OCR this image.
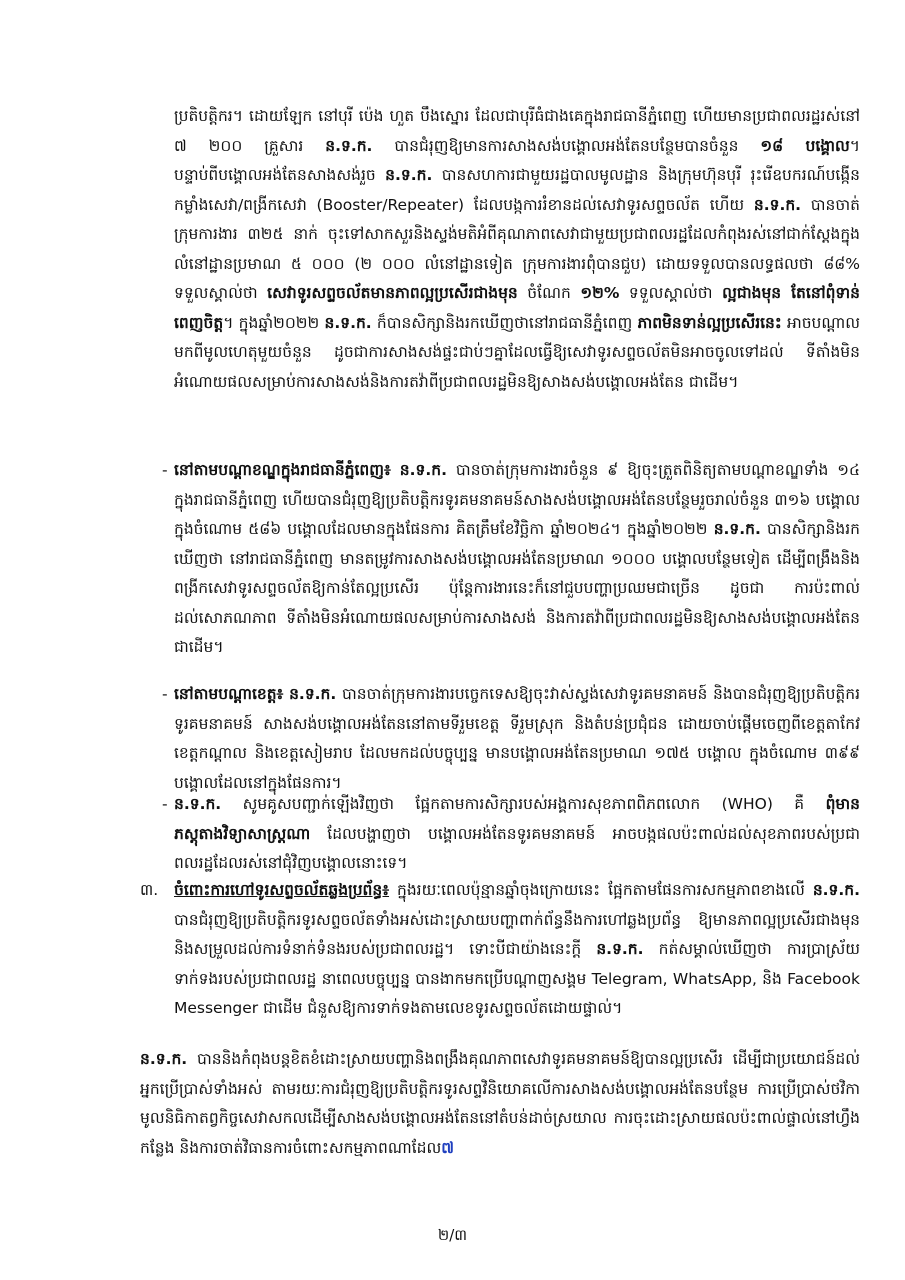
ប្រតិបត្តិករ។ ដោយឡែក នៅបុរី ប៉េង ហួត បឹងស្នោរ ដែលជាបុរីធំជាងគេក្នុងរាជធានីភ្នំពេញ ហើយមានប្រជាពលរដ្ឋរស់នៅ ៧ ២០០ គ្រួសារ ន.ទ.ក. បានជំរុញឱ្យមានការសាងសង់បង្គោលអង់តែនបន្ថែមបានចំនួន ១៨ បង្គោល។ បន្ទាប់ពីបង្គោលអង់តែនសាងសង់រួច ន.ទ.ក. បានសហការជាមួយរដ្ឋបាលមូលដ្ឋាន និងក្រុមហ៊ុនបុរី រុះរើឧបករណ៍បង្កើនកម្លាំងសេវា/ពង្រីកសេវា (Booster/Repeater) ដែលបង្កការរំខានដល់សេវាទូរសព្ទចល័ត ហើយ ន.ទ.ក. បានចាត់ក្រុមការងារ ៣២៥ នាក់ ចុះទៅសាកសួរនិងស្ទង់មតិអំពីគុណភាពសេវាជាមួយប្រជាពលរដ្ឋដែលកំពុងរស់នៅជាក់ស្តែងក្នុងលំនៅដ្ឋានប្រមាណ ៥ ០០០ (២ ០០០ លំនៅដ្ឋានទៀត ក្រុមការងារពុំបានជួប) ដោយទទួលបានលទ្ធផលថា ៨៨% ទទួលស្គាល់ថា សេវាទូរសព្ទចល័តមានភាពល្អប្រសើរជាងមុន ចំណែក ១២% ទទួលស្គាល់ថា ល្អជាងមុន តែនៅពុំទាន់ពេញចិត្ត។ ក្នុងឆ្នាំ២០២២ ន.ទ.ក. ក៏បានសិក្សានិងរកឃើញថានៅរាជធានីភ្នំពេញ ភាពមិនទាន់ល្អប្រសើរនេះ អាចបណ្តាលមកពីមូលហេតុមួយចំនួន ដូចជាការសាងសង់ផ្ទះជាប់ៗគ្នាដែលធ្វើឱ្យសេវាទូរសព្ទចល័តមិនអាចចូលទៅដល់ ទីតាំងមិនអំណោយផលសម្រាប់ការសាងសង់និងការតវ៉ាពីប្រជាពលរដ្ឋមិនឱ្យសាងសង់បង្គោលអង់តែន ជាដើម។

- នៅតាមបណ្តាខណ្ឌក្នុងរាជធានីភ្នំពេញ៖ ន.ទ.ក. បានចាត់ក្រុមការងារចំនួន ៩ ឱ្យចុះត្រួតពិនិត្យតាមបណ្តាខណ្ឌទាំង ១៤ ក្នុងរាជធានីភ្នំពេញ ហើយបានជំរុញឱ្យប្រតិបត្តិករទូរគមនាគមន៍សាងសង់បង្គោលអង់តែនបន្ថែមរួចរាល់ចំនួន ៣១៦ បង្គោល ក្នុងចំណោម ៥៨៦ បង្គោលដែលមានក្នុងផែនការ គិតត្រឹមខែវិច្ឆិកា ឆ្នាំ២០២៤។ ក្នុងឆ្នាំ២០២២ ន.ទ.ក. បានសិក្សានិងរកឃើញថា នៅរាជធានីភ្នំពេញ មានតម្រូវការសាងសង់បង្គោលអង់តែនប្រមាណ ១០០០ បង្គោលបន្ថែមទៀត ដើម្បីពង្រឹងនិងពង្រីកសេវាទូរសព្ទចល័តឱ្យកាន់តែល្អប្រសើរ ប៉ុន្តែការងារនេះក៏នៅជួបបញ្ហាប្រឈមជាច្រើន ដូចជា ការប៉ះពាល់ដល់សោភណភាព ទីតាំងមិនអំណោយផលសម្រាប់ការសាងសង់ និងការតវ៉ាពីប្រជាពលរដ្ឋមិនឱ្យសាងសង់បង្គោលអង់តែន ជាដើម។
- នៅតាមបណ្តាខេត្ត៖ ន.ទ.ក. បានចាត់ក្រុមការងារបច្ចេកទេសឱ្យចុះវាស់ស្ទង់សេវាទូរគមនាគមន៍ និងបានជំរុញឱ្យប្រតិបត្តិករទូរគមនាគមន៍ សាងសង់បង្គោលអង់តែននៅតាមទីរួមខេត្ត ទីរួមស្រុក និងតំបន់ប្រជុំជន ដោយចាប់ផ្តើមចេញពីខេត្តតាកែវ ខេត្តកណ្តាល និងខេត្តសៀមរាប ដែលមកដល់បច្ចុប្បន្ន មានបង្គោលអង់តែនប្រមាណ ១៧៥ បង្គោល ក្នុងចំណោម ៣៩៩ បង្គោលដែលនៅក្នុងផែនការ។
- ន.ទ.ក. សូមគូសបញ្ជាក់ឡើងវិញថា ផ្អែកតាមការសិក្សារបស់អង្គការសុខភាពពិភពលោក (WHO) គឺ ពុំមានភស្តុតាងវិទ្យាសាស្ត្រណា ដែលបង្ហាញថា បង្គោលអង់តែនទូរគមនាគមន៍ អាចបង្កផលប៉ះពាល់ដល់សុខភាពរបស់ប្រជាពលរដ្ឋដែលរស់នៅជុំវិញបង្គោលនោះទេ។
៣.	ចំពោះការហៅទូរសព្ទចល័តឆ្លងប្រព័ន្ធ៖ ក្នុងរយៈពេលប៉ុន្មានឆ្នាំចុងក្រោយនេះ ផ្អែកតាមផែនការសកម្មភាពខាងលើ ន.ទ.ក. បានជំរុញឱ្យប្រតិបត្តិករទូរសព្ទចល័តទាំងអស់ដោះស្រាយបញ្ហាពាក់ព័ន្ធនឹងការហៅឆ្លងប្រព័ន្ធ ឱ្យមានភាពល្អប្រសើរជាងមុន និងសម្រួលដល់ការទំនាក់ទំនងរបស់ប្រជាពលរដ្ឋ។ ទោះបីជាយ៉ាងនេះក្តី ន.ទ.ក. កត់សម្គាល់ឃើញថា ការប្រាស្រ័យទាក់ទងរបស់ប្រជាពលរដ្ឋ នាពេលបច្ចុប្បន្ន បានងាកមកប្រើបណ្តាញសង្គម Telegram, WhatsApp, និង Facebook Messenger ជាដើម ជំនួសឱ្យការទាក់ទងតាមលេខទូរសព្ទចល័តដោយផ្ទាល់។
ន.ទ.ក. បាននិងកំពុងបន្តខិតខំដោះស្រាយបញ្ហានិងពង្រឹងគុណភាពសេវាទូរគមនាគមន៍ឱ្យបានល្អប្រសើរ ដើម្បីជាប្រយោជន៍ដល់អ្នកប្រើប្រាស់ទាំងអស់ តាមរយៈការជំរុញឱ្យប្រតិបត្តិករទូរសព្ទវិនិយោគលើការសាងសង់បង្គោលអង់តែនបន្ថែម ការប្រើប្រាស់ថវិកាមូលនិធិកាតព្វកិច្ចសេវាសកលដើម្បីសាងសង់បង្គោលអង់តែននៅតំបន់ដាច់ស្រយាល ការចុះដោះស្រាយផលប៉ះពាល់ផ្ទាល់នៅហ្វឹងកន្លែង និងការចាត់វិធានការចំពោះសកម្មភាពណាដែល៧
២/៣
